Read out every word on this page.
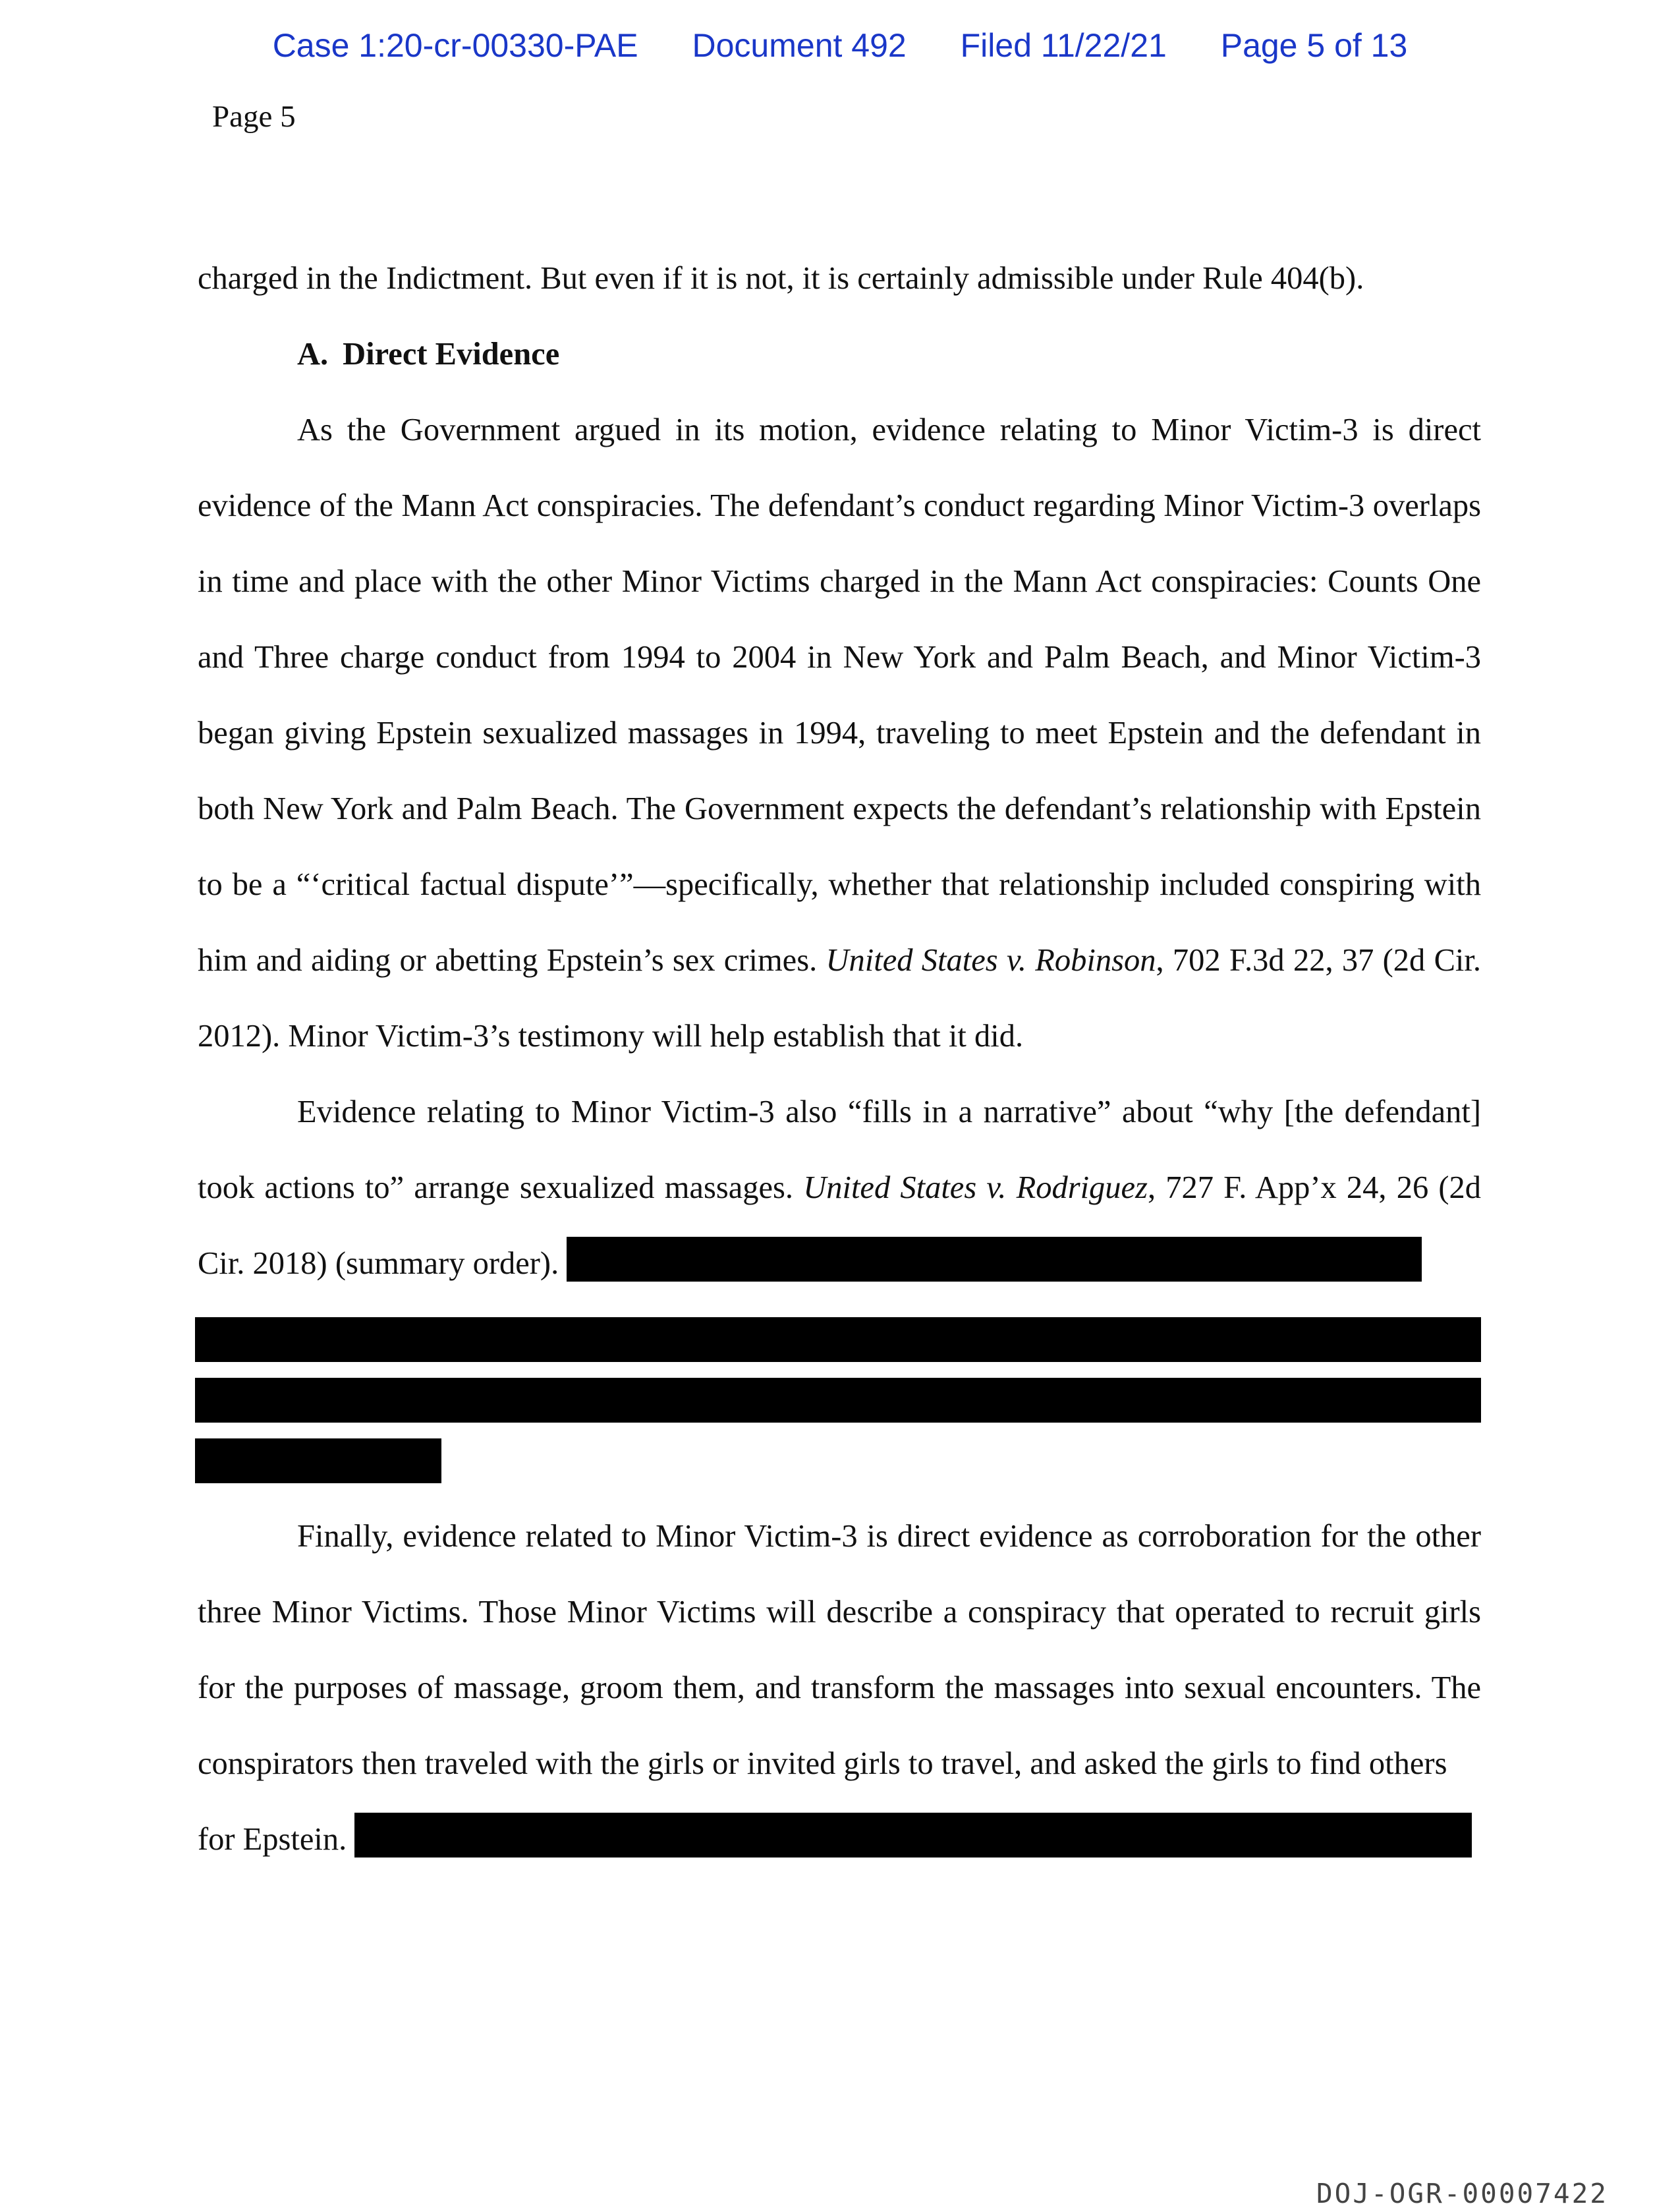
Case 1:20-cr-00330-PAE Document 492 Filed 11/22/21 Page 5 of 13
Page 5

charged in the Indictment. But even if it is not, it is certainly admissible under Rule 404(b).

A. Direct Evidence

As the Government argued in its motion, evidence relating to Minor Victim-3 is direct evidence of the Mann Act conspiracies. The defendant’s conduct regarding Minor Victim-3 overlaps in time and place with the other Minor Victims charged in the Mann Act conspiracies: Counts One and Three charge conduct from 1994 to 2004 in New York and Palm Beach, and Minor Victim-3 began giving Epstein sexualized massages in 1994, traveling to meet Epstein and the defendant in both New York and Palm Beach. The Government expects the defendant’s relationship with Epstein to be a “‘critical factual dispute’”—specifically, whether that relationship included conspiring with him and aiding or abetting Epstein’s sex crimes. United States v. Robinson, 702 F.3d 22, 37 (2d Cir. 2012). Minor Victim-3’s testimony will help establish that it did.

Evidence relating to Minor Victim-3 also “fills in a narrative” about “why [the defendant] took actions to” arrange sexualized massages. United States v. Rodriguez, 727 F. App’x 24, 26 (2d Cir. 2018) (summary order).

Finally, evidence related to Minor Victim-3 is direct evidence as corroboration for the other three Minor Victims. Those Minor Victims will describe a conspiracy that operated to recruit girls for the purposes of massage, groom them, and transform the massages into sexual encounters. The conspirators then traveled with the girls or invited girls to travel, and asked the girls to find others

for Epstein.

DOJ-OGR-00007422
